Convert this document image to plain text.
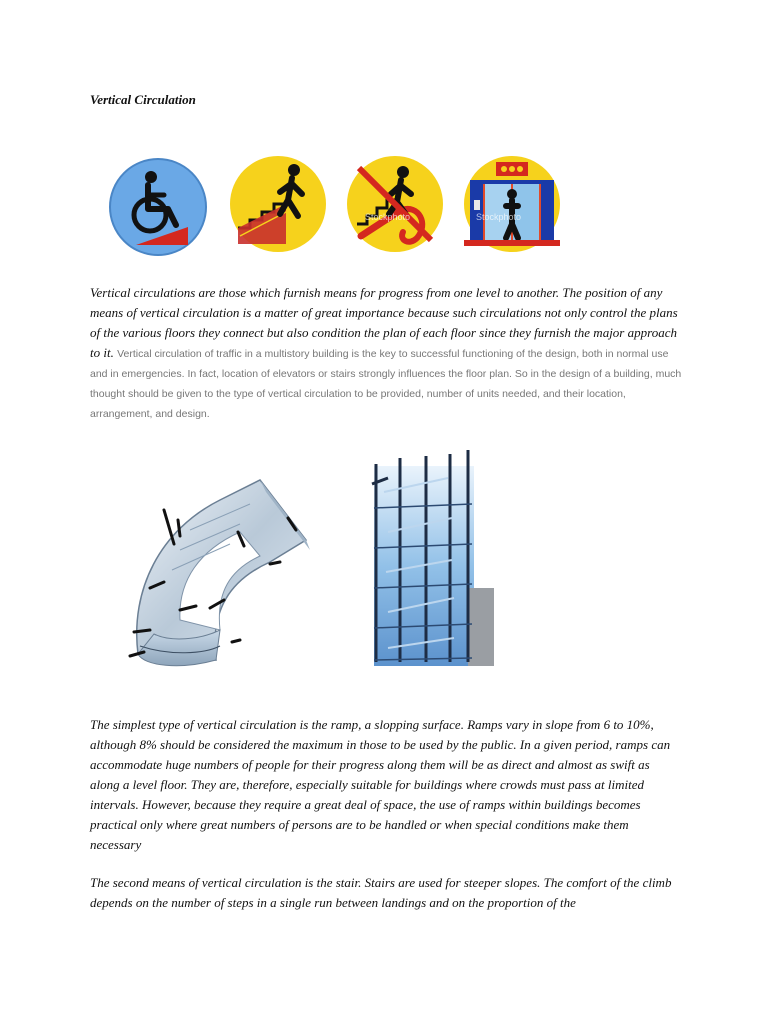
Vertical Circulation
Stockphoto	Stockphoto

Vertical circulations are those which furnish means for progress from one level to another. The position of any means of vertical circulation is a matter of great importance because such circulations not only control the plans of the various floors they connect but also condition the plan of each floor since they furnish the major approach to it. Vertical circulation of traffic in a multistory building is the key to successful functioning of the design, both in normal use and in emergencies. In fact, location of elevators or stairs strongly influences the floor plan. So in the design of a building, much thought should be given to the type of vertical circulation to be provided, number of units needed, and their location, arrangement, and design.

The simplest type of vertical circulation is the ramp, a slopping surface. Ramps vary in slope from 6 to 10%, although 8% should be considered the maximum in those to be used by the public. In a given period, ramps can accommodate huge numbers of people for their progress along them will be as direct and almost as swift as along a level floor. They are, therefore, especially suitable for buildings where crowds must pass at limited intervals. However, because they require a great deal of space, the use of ramps within buildings becomes practical only where great numbers of persons are to be handled or when special conditions make them necessary

The second means of vertical circulation is the stair. Stairs are used for steeper slopes. The comfort of the climb depends on the number of steps in a single run between landings and on the proportion of the
